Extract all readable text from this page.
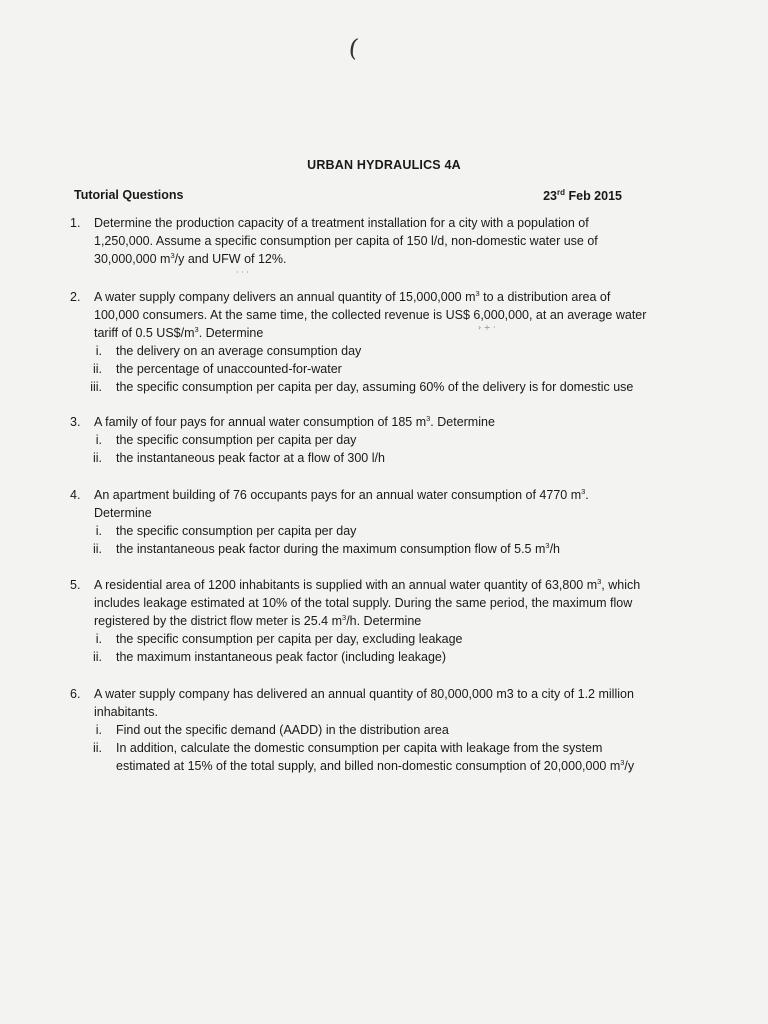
(
URBAN HYDRAULICS 4A
Tutorial Questions	23rd Feb 2015
1.	Determine the production capacity of a treatment installation for a city with a population of
1,250,000. Assume a specific consumption per capita of 150 l/d, non-domestic water use of
30,000,000 $m^3/y$ and UFW of 12%.
2.	A water supply company delivers an annual quantity of 15,000,000 $m^3$ to a distribution area of
100,000 consumers. At the same time, the collected revenue is US$ 6,000,000, at an average water
tariff of 0.5 $US\$/m^3$. Determine
i. the delivery on an average consumption day
ii. the percentage of unaccounted-for-water
iii. the specific consumption per capita per day, assuming 60% of the delivery is for domestic use
3.	A family of four pays for annual water consumption of 185 $m^3$. Determine
i. the specific consumption per capita per day
ii. the instantaneous peak factor at a flow of 300 l/h
4.	An apartment building of 76 occupants pays for an annual water consumption of 4770 $m^3$.
Determine
i. the specific consumption per capita per day
ii. the instantaneous peak factor during the maximum consumption flow of 5.5 $m^3/h$
5.	A residential area of 1200 inhabitants is supplied with an annual water quantity of 63,800 $m^3$, which
includes leakage estimated at 10% of the total supply. During the same period, the maximum flow
registered by the district flow meter is 25.4 $m^3/h$. Determine
i. the specific consumption per capita per day, excluding leakage
ii. the maximum instantaneous peak factor (including leakage)
6.	A water supply company has delivered an annual quantity of 80,000,000 m3 to a city of 1.2 million
inhabitants.
i. Find out the specific demand (AADD) in the distribution area
ii. In addition, calculate the domestic consumption per capita with leakage from the system
estimated at 15% of the total supply, and billed non-domestic consumption of 20,000,000 $m^3/y$
· · ·
› ÷ ·
